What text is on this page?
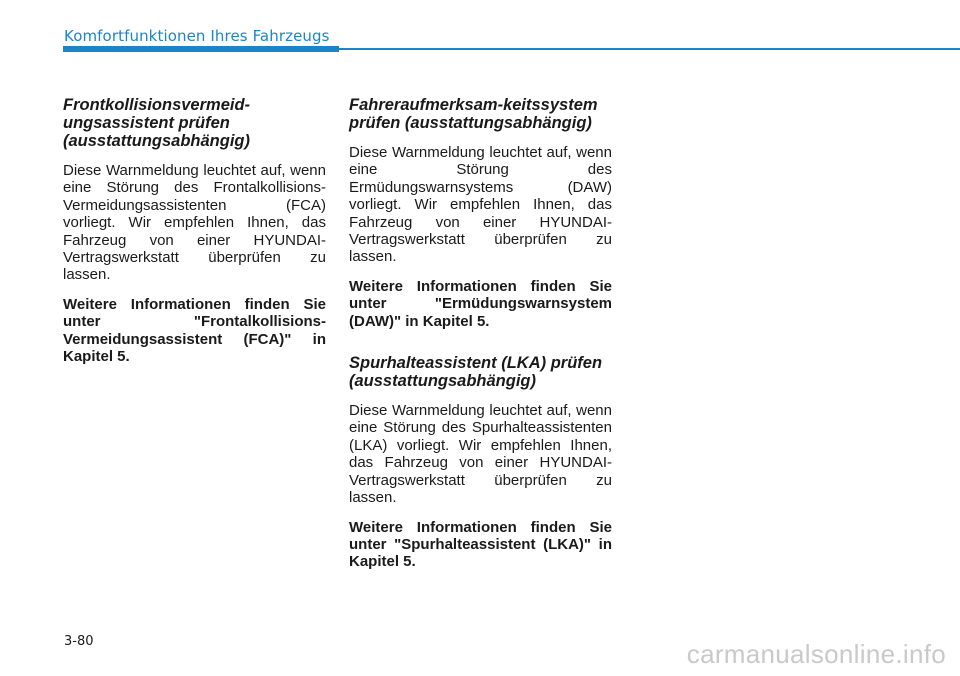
Komfortfunktionen Ihres Fahrzeugs
Frontkollisionsvermeid-ungsassistent prüfen (ausstattungsabhängig)

Diese Warnmeldung leuchtet auf, wenn eine Störung des Frontalkollisions-Vermeidungsassistenten (FCA) vorliegt. Wir empfehlen Ihnen, das Fahrzeug von einer HYUNDAI-Vertragswerkstatt überprüfen zu lassen.

Weitere Informationen finden Sie unter "Frontalkollisions-Vermeidungsassistent (FCA)" in Kapitel 5.

Fahreraufmerksam-keitssystem prüfen (ausstattungsabhängig)

Diese Warnmeldung leuchtet auf, wenn eine Störung des Ermüdungswarnsystems (DAW) vorliegt. Wir empfehlen Ihnen, das Fahrzeug von einer HYUNDAI-Vertragswerkstatt überprüfen zu lassen.

Weitere Informationen finden Sie unter "Ermüdungswarnsystem (DAW)" in Kapitel 5.

Spurhalteassistent (LKA) prüfen (ausstattungsabhängig)

Diese Warnmeldung leuchtet auf, wenn eine Störung des Spurhalteassistenten (LKA) vorliegt. Wir empfehlen Ihnen, das Fahrzeug von einer HYUNDAI-Vertragswerkstatt überprüfen zu lassen.

Weitere Informationen finden Sie unter "Spurhalteassistent (LKA)" in Kapitel 5.

3-80	carmanualsonline.info
